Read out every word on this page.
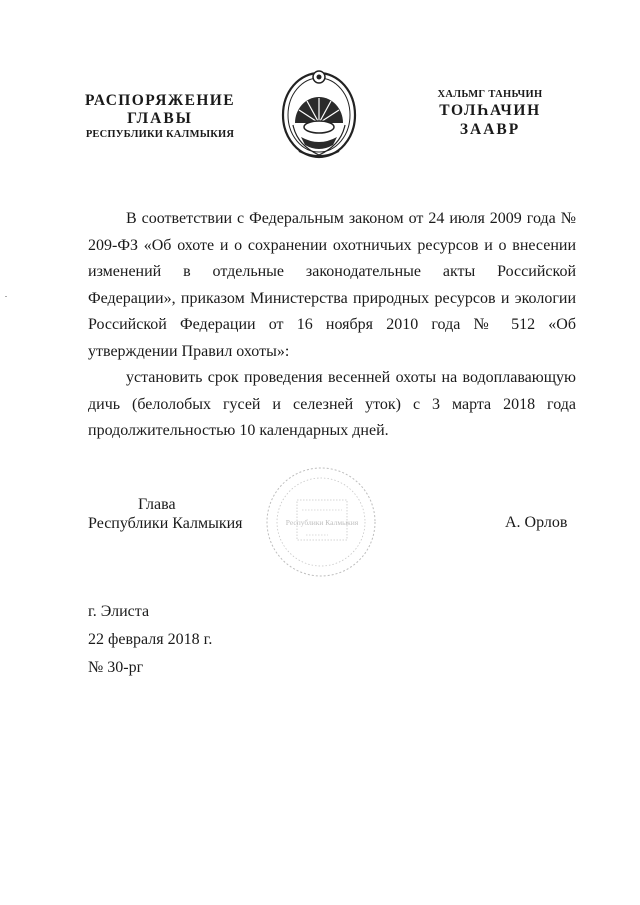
РАСПОРЯЖЕНИЕ
ГЛАВЫ
РЕСПУБЛИКИ КАЛМЫКИЯ
ХАЛЬМГ ТАНЬЧИН
ТОЛҺАЧИН
ЗААВР

В соответствии с Федеральным законом от 24 июля 2009 года № 209-ФЗ «Об охоте и о сохранении охотничьих ресурсов и о внесении изменений в отдельные законодательные акты Российской Федерации», приказом Министерства природных ресурсов и экологии Российской Федерации от 16 ноября 2010 года № 512 «Об утверждении Правил охоты»:

установить срок проведения весенней охоты на водоплавающую дичь (белолобых гусей и селезней уток) с 3 марта 2018 года продолжительностью 10 календарных дней.

Республики Калмыкия
Глава
Республики Калмыкия	А. Орлов
г. Элиста
22 февраля 2018 г.
№ 30-рг
